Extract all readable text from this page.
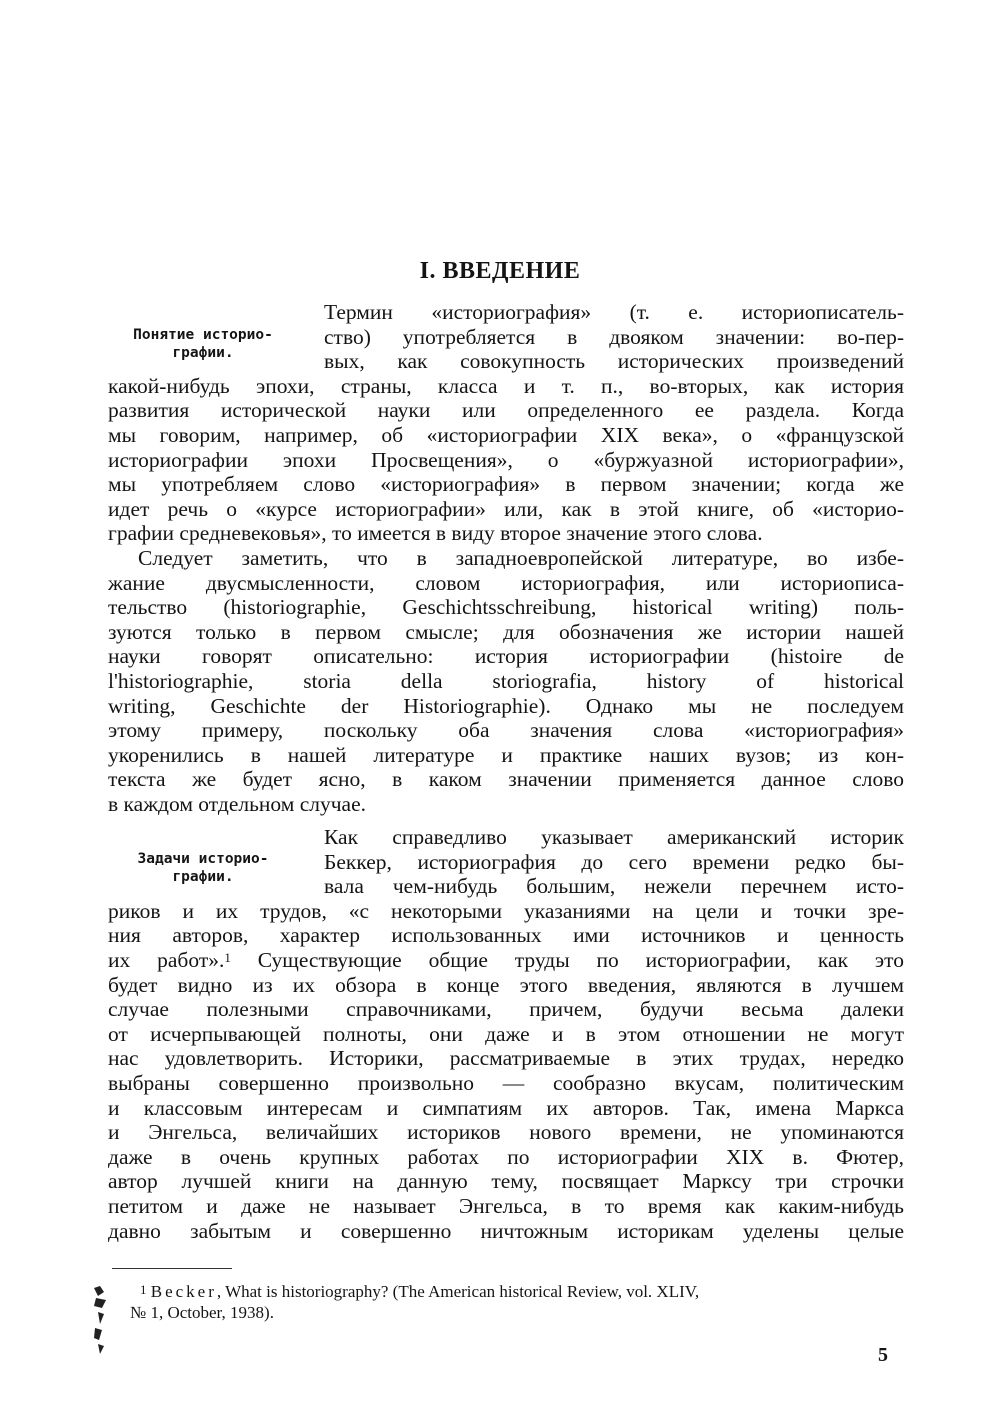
I. ВВЕДЕНИЕ
Понятие историо-
графии.
Термин «историография» (т. е. историописатель-
ство) употребляется в двояком значении: во-пер-
вых, как совокупность исторических произведений
какой-нибудь эпохи, страны, класса и т. п., во-вторых, как история
развития исторической науки или определенного ее раздела. Когда
мы говорим, например, об «историографии XIX века», о «французской
историографии эпохи Просвещения», о «буржуазной историографии»,
мы употребляем слово «историография» в первом значении; когда же
идет речь о «курсе историографии» или, как в этой книге, об «историо-
графии средневековья», то имеется в виду второе значение этого слова.
Следует заметить, что в западноевропейской литературе, во избе-
жание двусмысленности, словом историография, или историописа-
тельство (historiographie, Geschichtsschreibung, historical writing) поль-
зуются только в первом смысле; для обозначения же истории нашей
науки говорят описательно: история историографии (histoire de
l'historiographie, storia della storiografia, history of historical
writing, Geschichte der Historiographie). Однако мы не последуем
этому примеру, поскольку оба значения слова «историография»
укоренились в нашей литературе и практике наших вузов; из кон-
текста же будет ясно, в каком значении применяется данное слово
в каждом отдельном случае.
Задачи историо-
графии.
Как справедливо указывает американский историк
Беккер, историография до сего времени редко бы-
вала чем-нибудь большим, нежели перечнем исто-
риков и их трудов, «с некоторыми указаниями на цели и точки зре-
ния авторов, характер использованных ими источников и ценность
их работ».$^1$ Существующие общие труды по историографии, как это
будет видно из их обзора в конце этого введения, являются в лучшем
случае полезными справочниками, причем, будучи весьма далеки
от исчерпывающей полноты, они даже и в этом отношении не могут
нас удовлетворить. Историки, рассматриваемые в этих трудах, нередко
выбраны совершенно произвольно — сообразно вкусам, политическим
и классовым интересам и симпатиям их авторов. Так, имена Маркса
и Энгельса, величайших историков нового времени, не упоминаются
даже в очень крупных работах по историографии XIX в. Фютер,
автор лучшей книги на данную тему, посвящает Марксу три строчки
петитом и даже не называет Энгельса, в то время как каким-нибудь
давно забытым и совершенно ничтожным историкам уделены целые
$^1$ Becker, What is historiography? (The American historical Review, vol. XLIV,
№ 1, October, 1938).
5
